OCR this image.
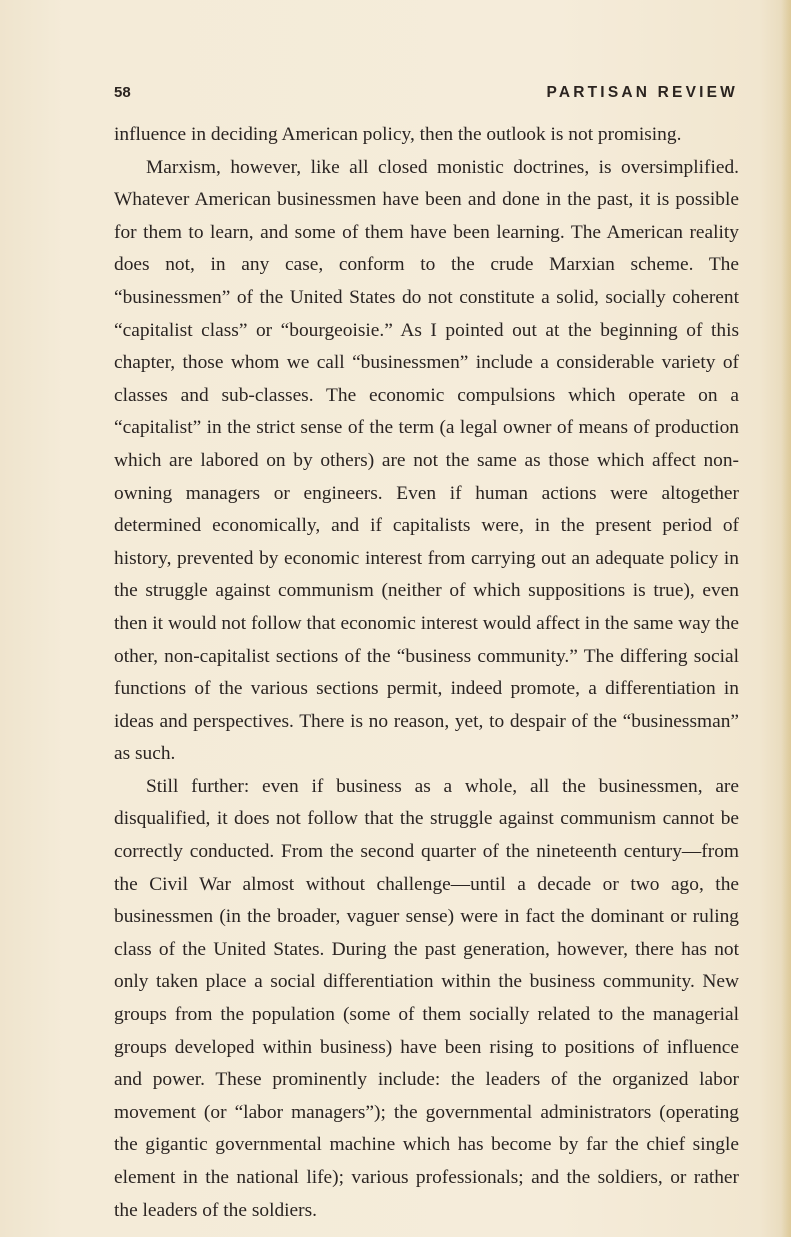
58	PARTISAN REVIEW

influence in deciding American policy, then the outlook is not promising.

Marxism, however, like all closed monistic doctrines, is oversimplified. Whatever American businessmen have been and done in the past, it is possible for them to learn, and some of them have been learning. The American reality does not, in any case, conform to the crude Marxian scheme. The “businessmen” of the United States do not constitute a solid, socially coherent “capitalist class” or “bourgeoisie.” As I pointed out at the beginning of this chapter, those whom we call “businessmen” include a considerable variety of classes and sub-classes. The economic compulsions which operate on a “capitalist” in the strict sense of the term (a legal owner of means of production which are labored on by others) are not the same as those which affect non-owning managers or engineers. Even if human actions were altogether determined economically, and if capitalists were, in the present period of history, prevented by economic interest from carrying out an adequate policy in the struggle against communism (neither of which suppositions is true), even then it would not follow that economic interest would affect in the same way the other, non-capitalist sections of the “business community.” The differing social functions of the various sections permit, indeed promote, a differentiation in ideas and perspectives. There is no reason, yet, to despair of the “businessman” as such.

Still further: even if business as a whole, all the businessmen, are disqualified, it does not follow that the struggle against communism cannot be correctly conducted. From the second quarter of the nineteenth century—from the Civil War almost without challenge—until a decade or two ago, the businessmen (in the broader, vaguer sense) were in fact the dominant or ruling class of the United States. During the past generation, however, there has not only taken place a social differentiation within the business community. New groups from the population (some of them socially related to the managerial groups developed within business) have been rising to positions of influence and power. These prominently include: the leaders of the organized labor movement (or “labor managers”); the governmental administrators (operating the gigantic governmental machine which has become by far the chief single element in the national life); various professionals; and the soldiers, or rather the leaders of the soldiers.
